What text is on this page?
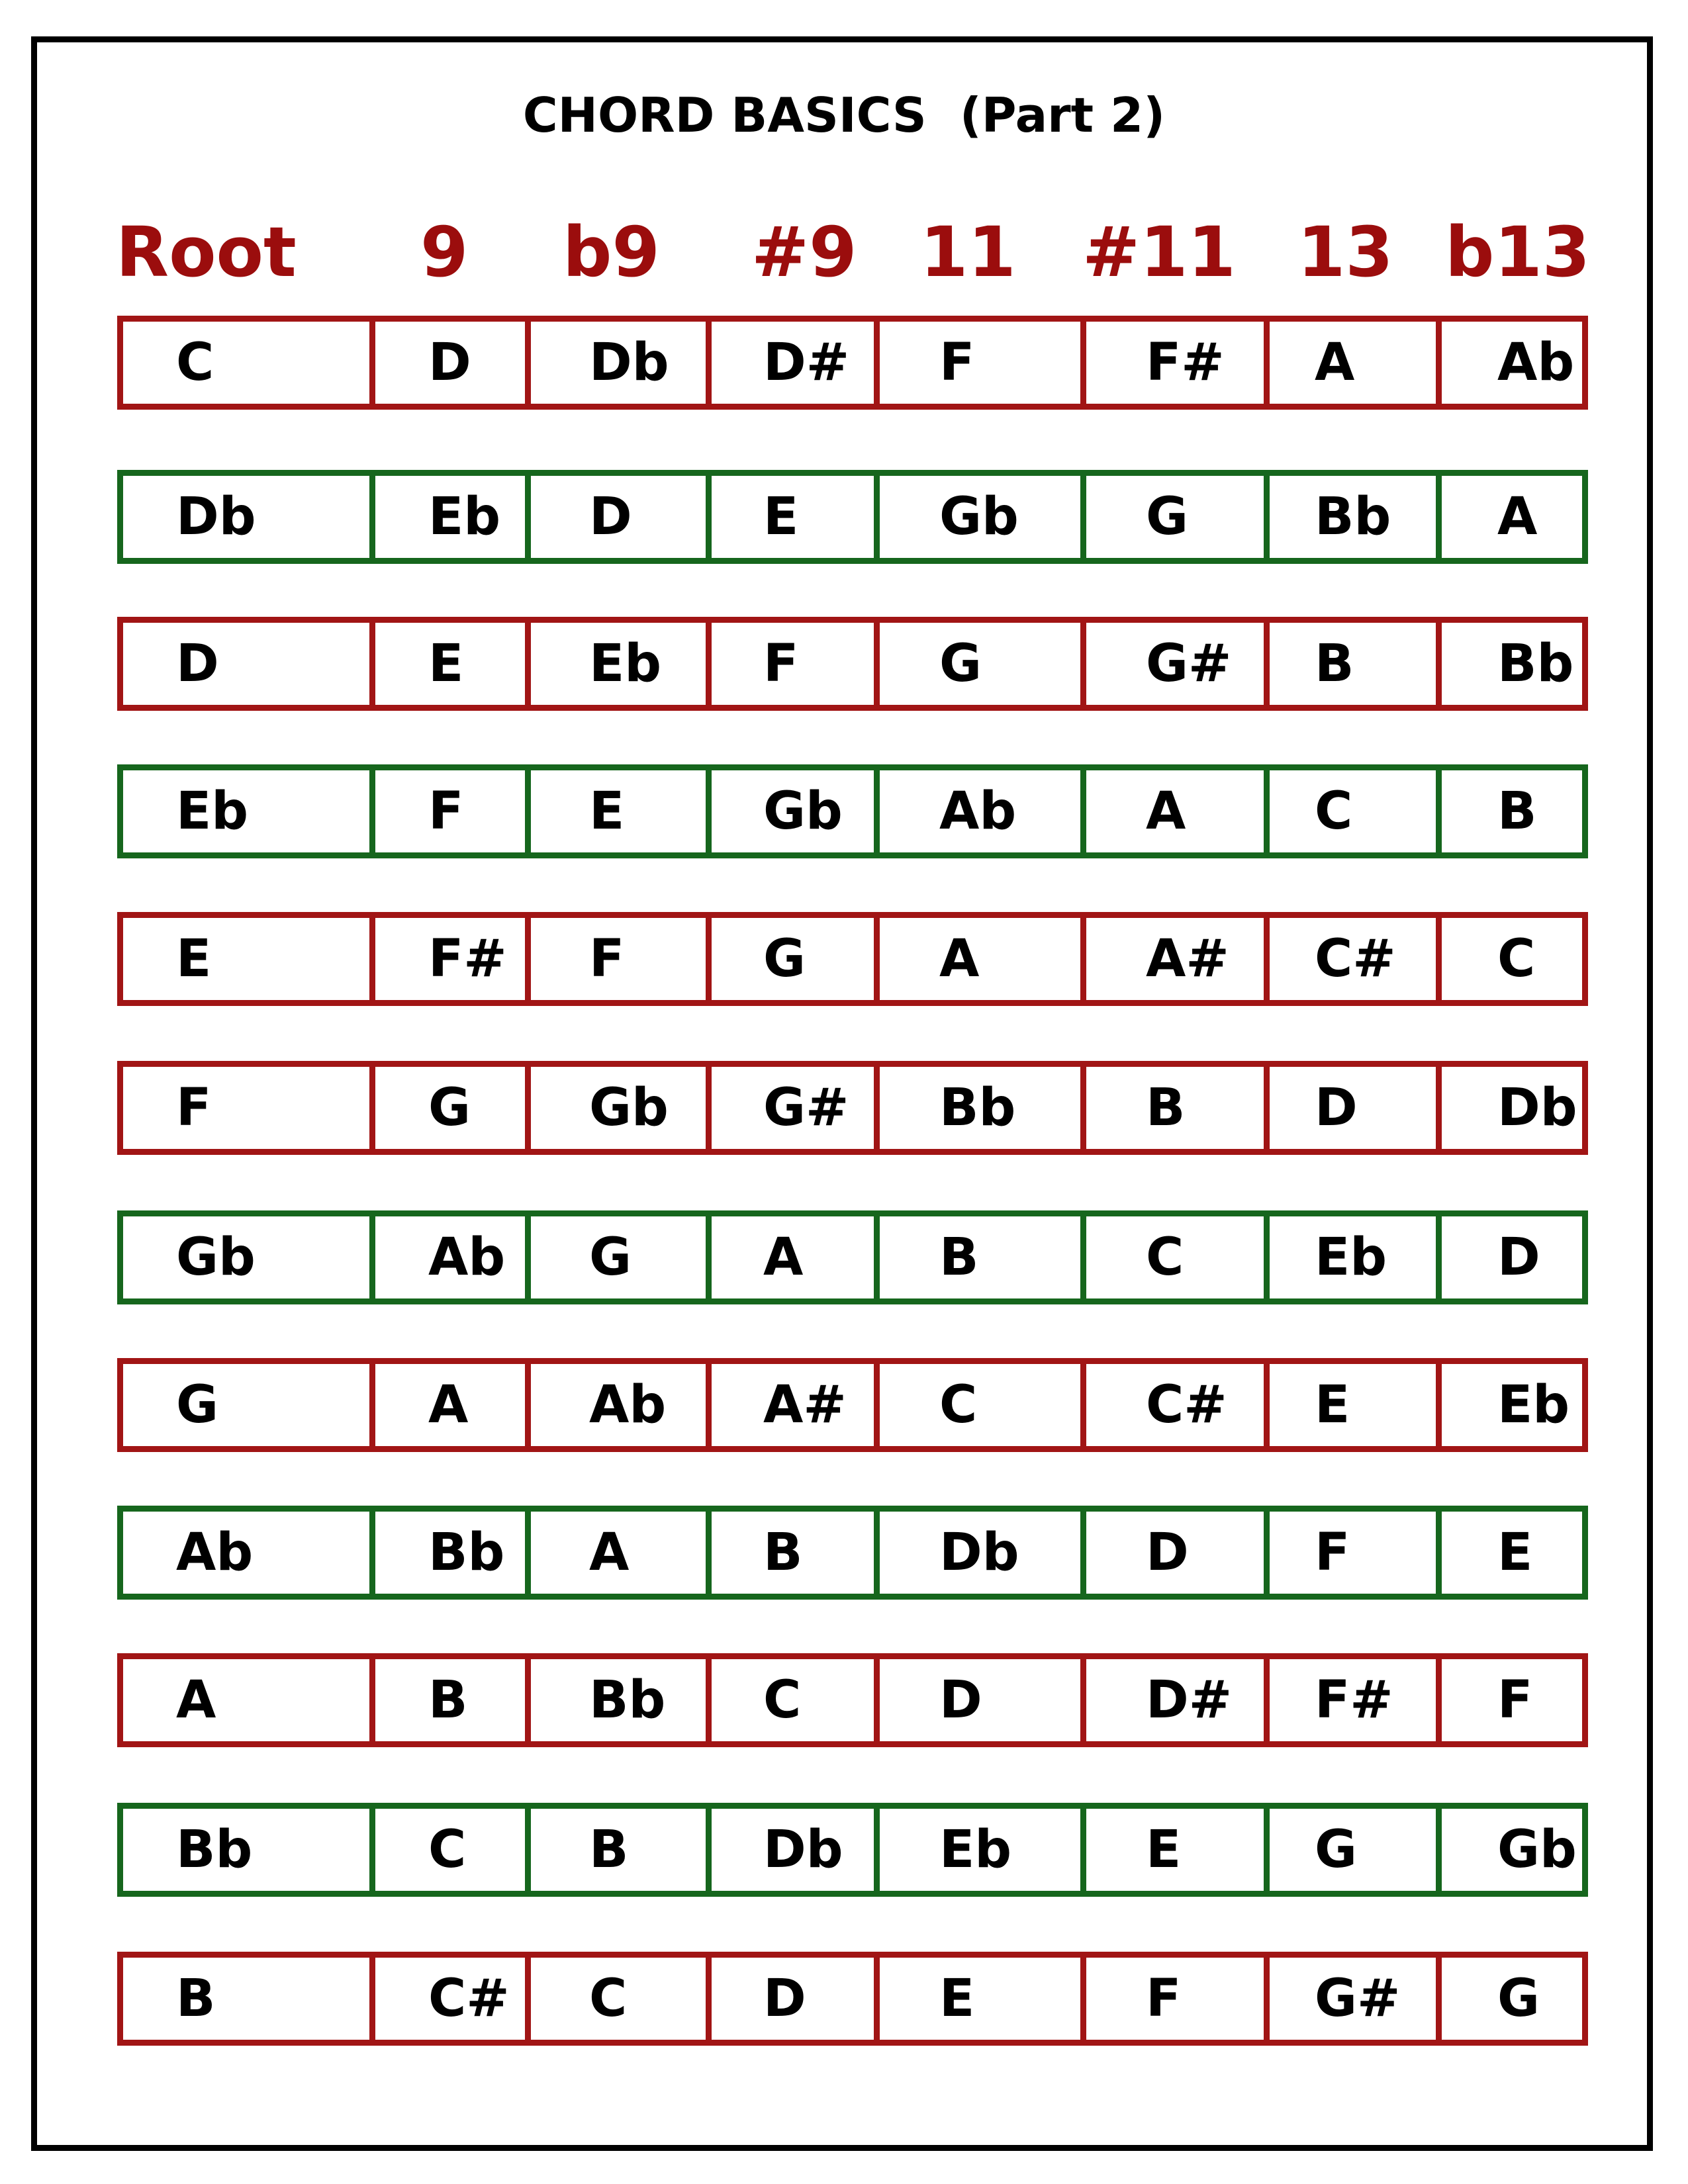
CHORD BASICS  (Part 2)
Root 9 b9 #9 11 #11 13 b13
C	D Db D# F	F# A	Ab
Db	Eb D	E	Gb G Bb A
D	E Eb F	G	G# B	Bb
Eb	F E	Gb Ab	A C	B
E	F# F	G	A	A# C# C
F	G Gb G# Bb	B	D	Db
Gb	Ab G	A	B	C	Eb D
G	A Ab A# C	C# E	Eb
Ab	Bb A	B	Db D F	E
A	B Bb C	D	D# F# F
Bb	C B	Db Eb	E	G	Gb
B	C# C	D	E	F	G# G
